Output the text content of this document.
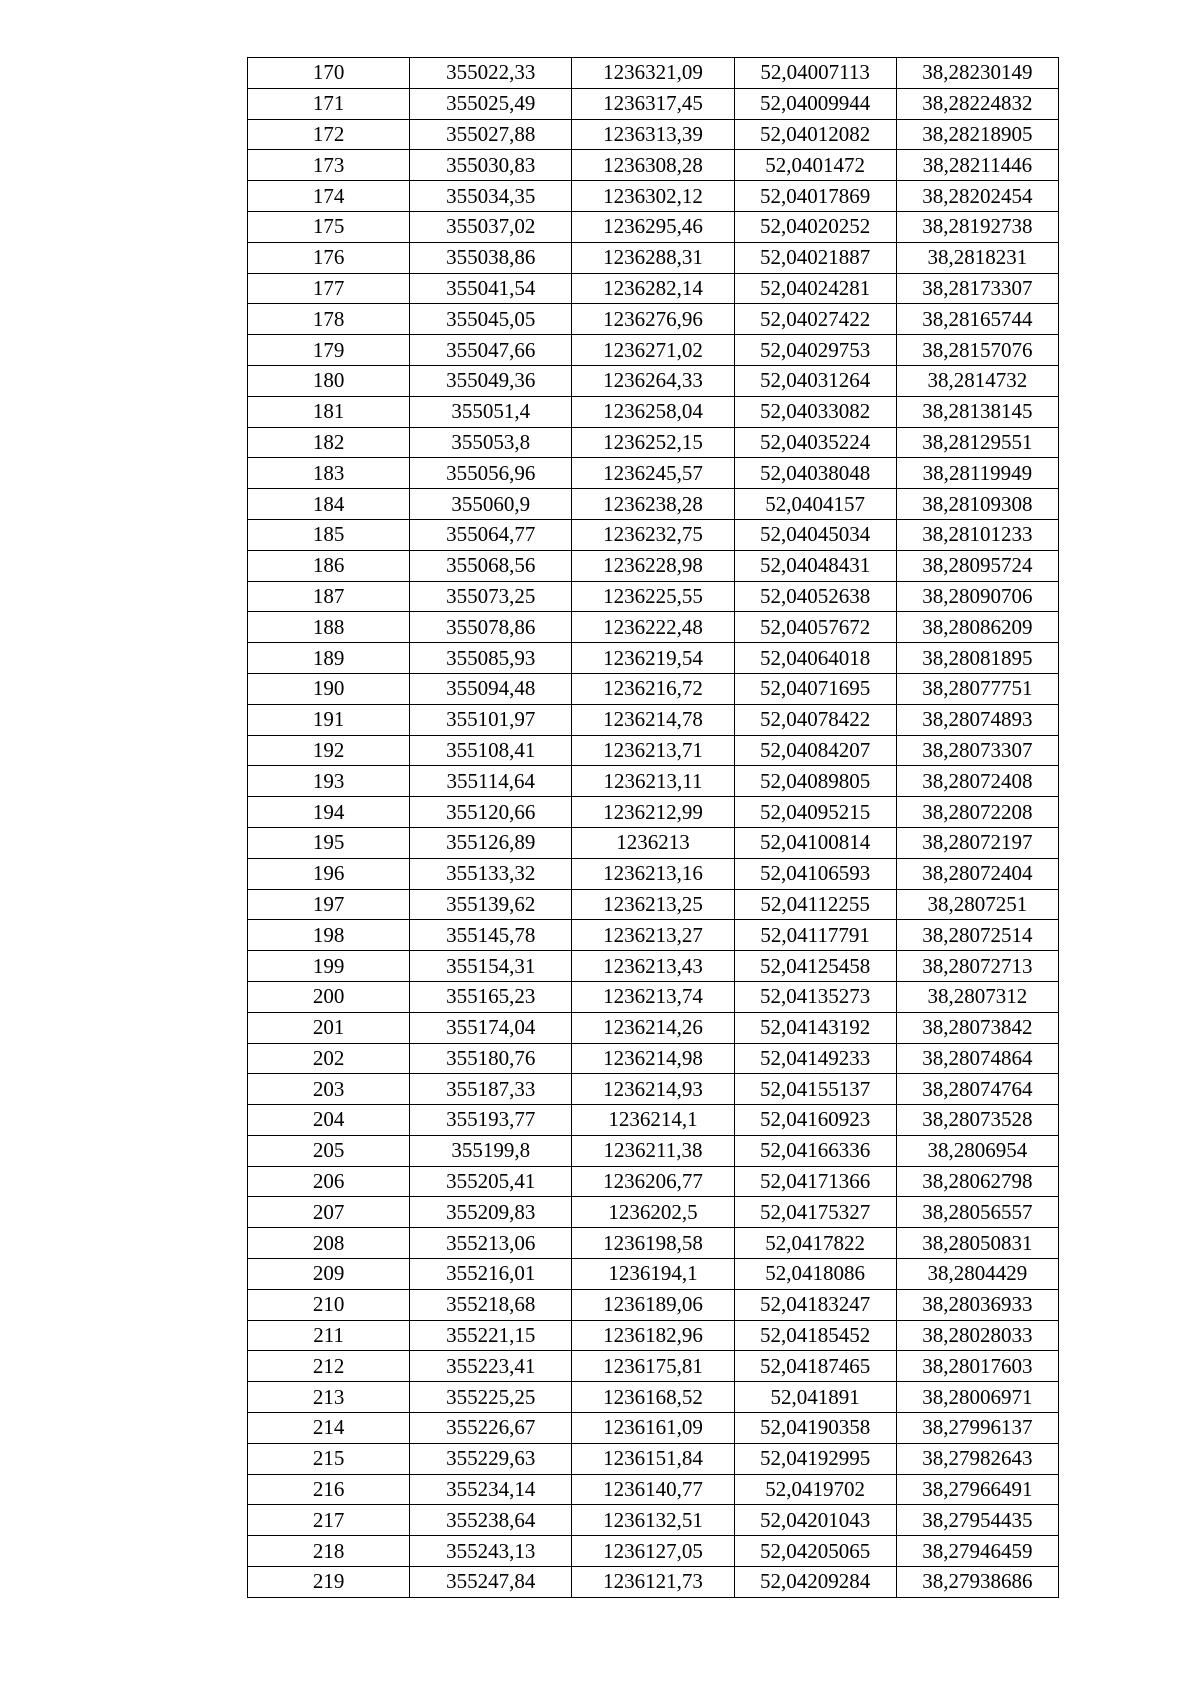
170	355022,33	1236321,09	52,04007113	38,28230149
171	355025,49	1236317,45	52,04009944	38,28224832
172	355027,88	1236313,39	52,04012082	38,28218905
173	355030,83	1236308,28	52,0401472	38,28211446
174	355034,35	1236302,12	52,04017869	38,28202454
175	355037,02	1236295,46	52,04020252	38,28192738
176	355038,86	1236288,31	52,04021887	38,2818231
177	355041,54	1236282,14	52,04024281	38,28173307
178	355045,05	1236276,96	52,04027422	38,28165744
179	355047,66	1236271,02	52,04029753	38,28157076
180	355049,36	1236264,33	52,04031264	38,2814732
181	355051,4	1236258,04	52,04033082	38,28138145
182	355053,8	1236252,15	52,04035224	38,28129551
183	355056,96	1236245,57	52,04038048	38,28119949
184	355060,9	1236238,28	52,0404157	38,28109308
185	355064,77	1236232,75	52,04045034	38,28101233
186	355068,56	1236228,98	52,04048431	38,28095724
187	355073,25	1236225,55	52,04052638	38,28090706
188	355078,86	1236222,48	52,04057672	38,28086209
189	355085,93	1236219,54	52,04064018	38,28081895
190	355094,48	1236216,72	52,04071695	38,28077751
191	355101,97	1236214,78	52,04078422	38,28074893
192	355108,41	1236213,71	52,04084207	38,28073307
193	355114,64	1236213,11	52,04089805	38,28072408
194	355120,66	1236212,99	52,04095215	38,28072208
195	355126,89	1236213	52,04100814	38,28072197
196	355133,32	1236213,16	52,04106593	38,28072404
197	355139,62	1236213,25	52,04112255	38,2807251
198	355145,78	1236213,27	52,04117791	38,28072514
199	355154,31	1236213,43	52,04125458	38,28072713
200	355165,23	1236213,74	52,04135273	38,2807312
201	355174,04	1236214,26	52,04143192	38,28073842
202	355180,76	1236214,98	52,04149233	38,28074864
203	355187,33	1236214,93	52,04155137	38,28074764
204	355193,77	1236214,1	52,04160923	38,28073528
205	355199,8	1236211,38	52,04166336	38,2806954
206	355205,41	1236206,77	52,04171366	38,28062798
207	355209,83	1236202,5	52,04175327	38,28056557
208	355213,06	1236198,58	52,0417822	38,28050831
209	355216,01	1236194,1	52,0418086	38,2804429
210	355218,68	1236189,06	52,04183247	38,28036933
211	355221,15	1236182,96	52,04185452	38,28028033
212	355223,41	1236175,81	52,04187465	38,28017603
213	355225,25	1236168,52	52,041891	38,28006971
214	355226,67	1236161,09	52,04190358	38,27996137
215	355229,63	1236151,84	52,04192995	38,27982643
216	355234,14	1236140,77	52,0419702	38,27966491
217	355238,64	1236132,51	52,04201043	38,27954435
218	355243,13	1236127,05	52,04205065	38,27946459
219	355247,84	1236121,73	52,04209284	38,27938686
